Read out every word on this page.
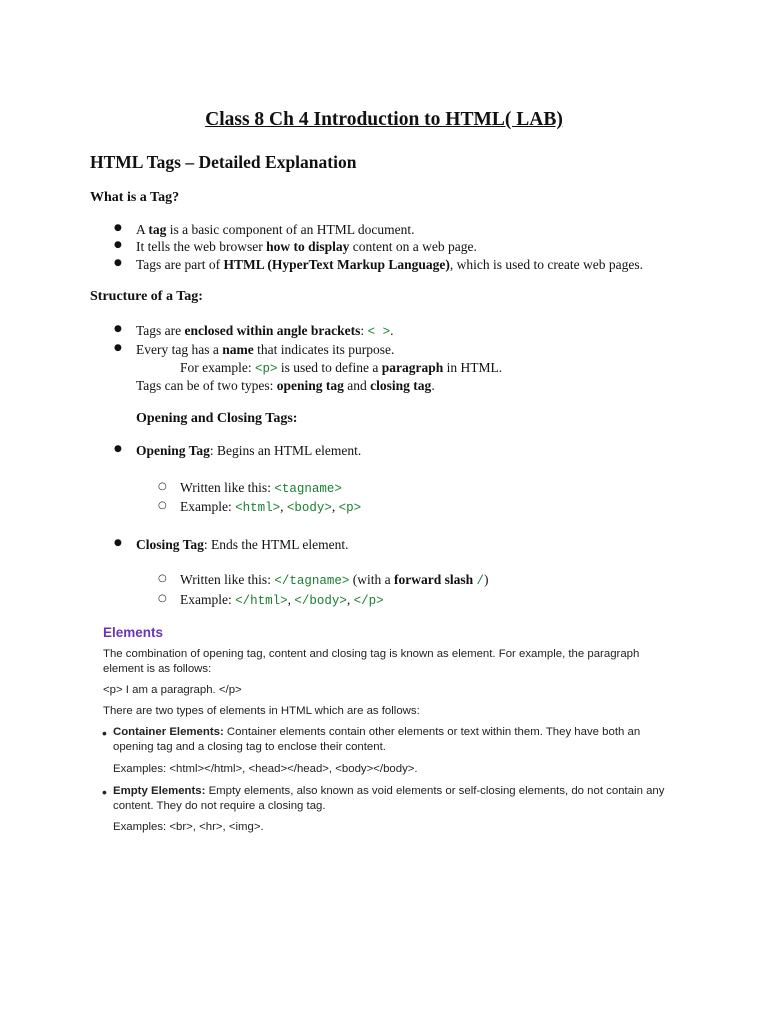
Class 8 Ch 4 Introduction to HTML( LAB)
HTML Tags – Detailed Explanation
What is a Tag?
● A tag is a basic component of an HTML document.
● It tells the web browser how to display content on a web page.
● Tags are part of HTML (HyperText Markup Language), which is used to create web pages.
Structure of a Tag:
● Tags are enclosed within angle brackets: < >.
● Every tag has a name that indicates its purpose.
For example: <p> is used to define a paragraph in HTML.
Tags can be of two types: opening tag and closing tag.
Opening and Closing Tags:
● Opening Tag: Begins an HTML element.
○ Written like this: <tagname>
○ Example: <html>, <body>, <p>
● Closing Tag: Ends the HTML element.
○ Written like this: </tagname> (with a forward slash /)
○ Example: </html>, </body>, </p>
Elements
The combination of opening tag, content and closing tag is known as element. For example, the paragraph
element is as follows:
<p> I am a paragraph. </p>
There are two types of elements in HTML which are as follows:
• Container Elements: Container elements contain other elements or text within them. They have both an
opening tag and a closing tag to enclose their content.
Examples: <html></html>, <head></head>, <body></body>.
• Empty Elements: Empty elements, also known as void elements or self-closing elements, do not contain any
content. They do not require a closing tag.
Examples: <br>, <hr>, <img>.
